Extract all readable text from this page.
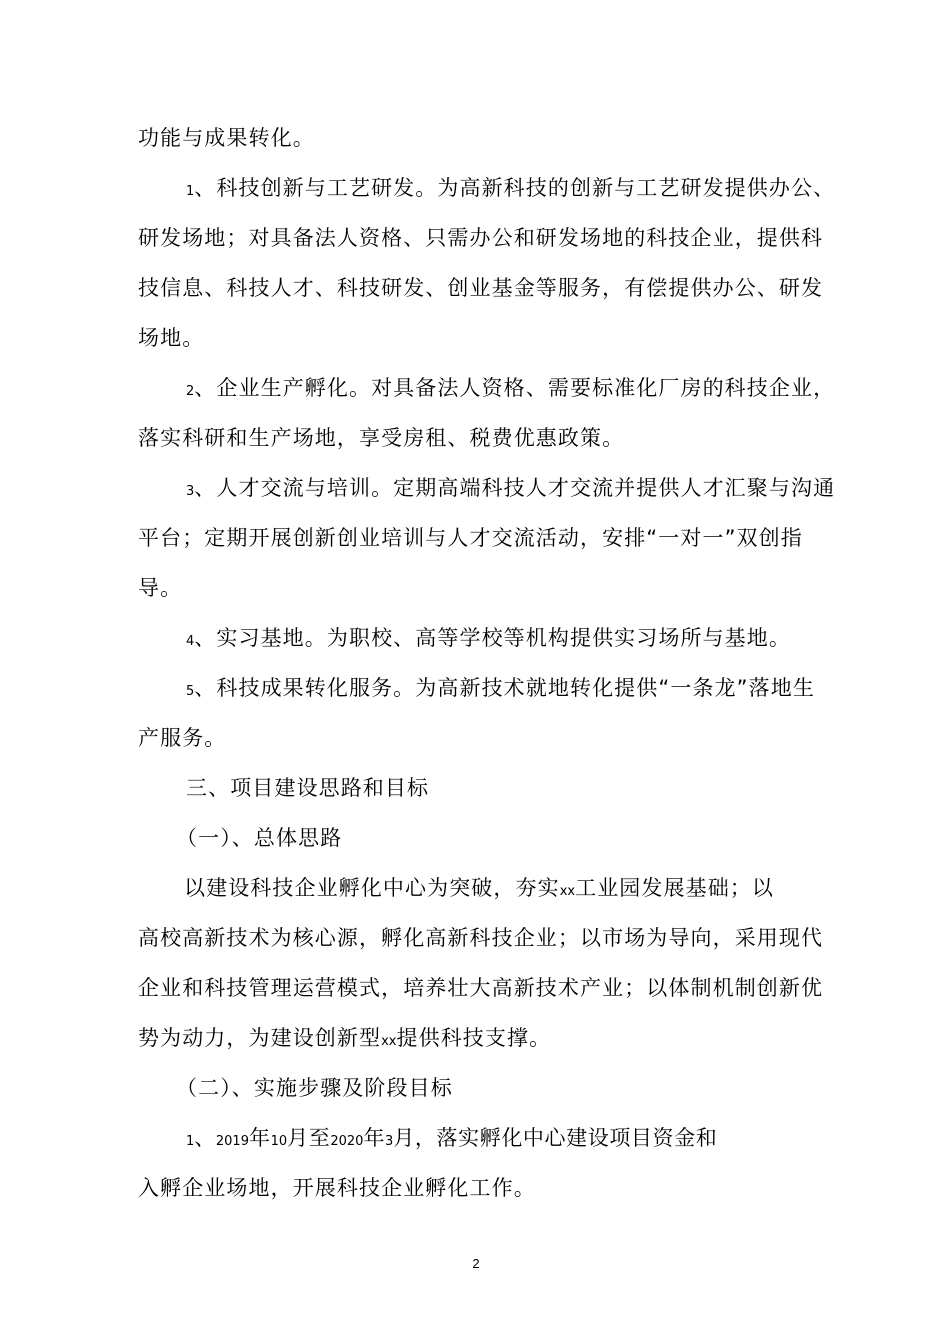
功能与成果转化。

1、科技创新与工艺研发。为高新科技的创新与工艺研发提供办公、

研发场地；对具备法人资格、只需办公和研发场地的科技企业，提供科

技信息、科技人才、科技研发、创业基金等服务，有偿提供办公、研发

场地。

2、企业生产孵化。对具备法人资格、需要标准化厂房的科技企业，

落实科研和生产场地，享受房租、税费优惠政策。

3、人才交流与培训。定期高端科技人才交流并提供人才汇聚与沟通

平台；定期开展创新创业培训与人才交流活动，安排“一对一”双创指

导。

4、实习基地。为职校、高等学校等机构提供实习场所与基地。

5、科技成果转化服务。为高新技术就地转化提供“一条龙”落地生

产服务。

三、项目建设思路和目标

（一）、总体思路

以建设科技企业孵化中心为突破，夯实xx工业园发展基础；以

高校高新技术为核心源，孵化高新科技企业；以市场为导向，采用现代

企业和科技管理运营模式，培养壮大高新技术产业；以体制机制创新优

势为动力，为建设创新型xx提供科技支撑。

（二）、实施步骤及阶段目标

1、2019年10月至2020年3月，落实孵化中心建设项目资金和

入孵企业场地，开展科技企业孵化工作。

2
